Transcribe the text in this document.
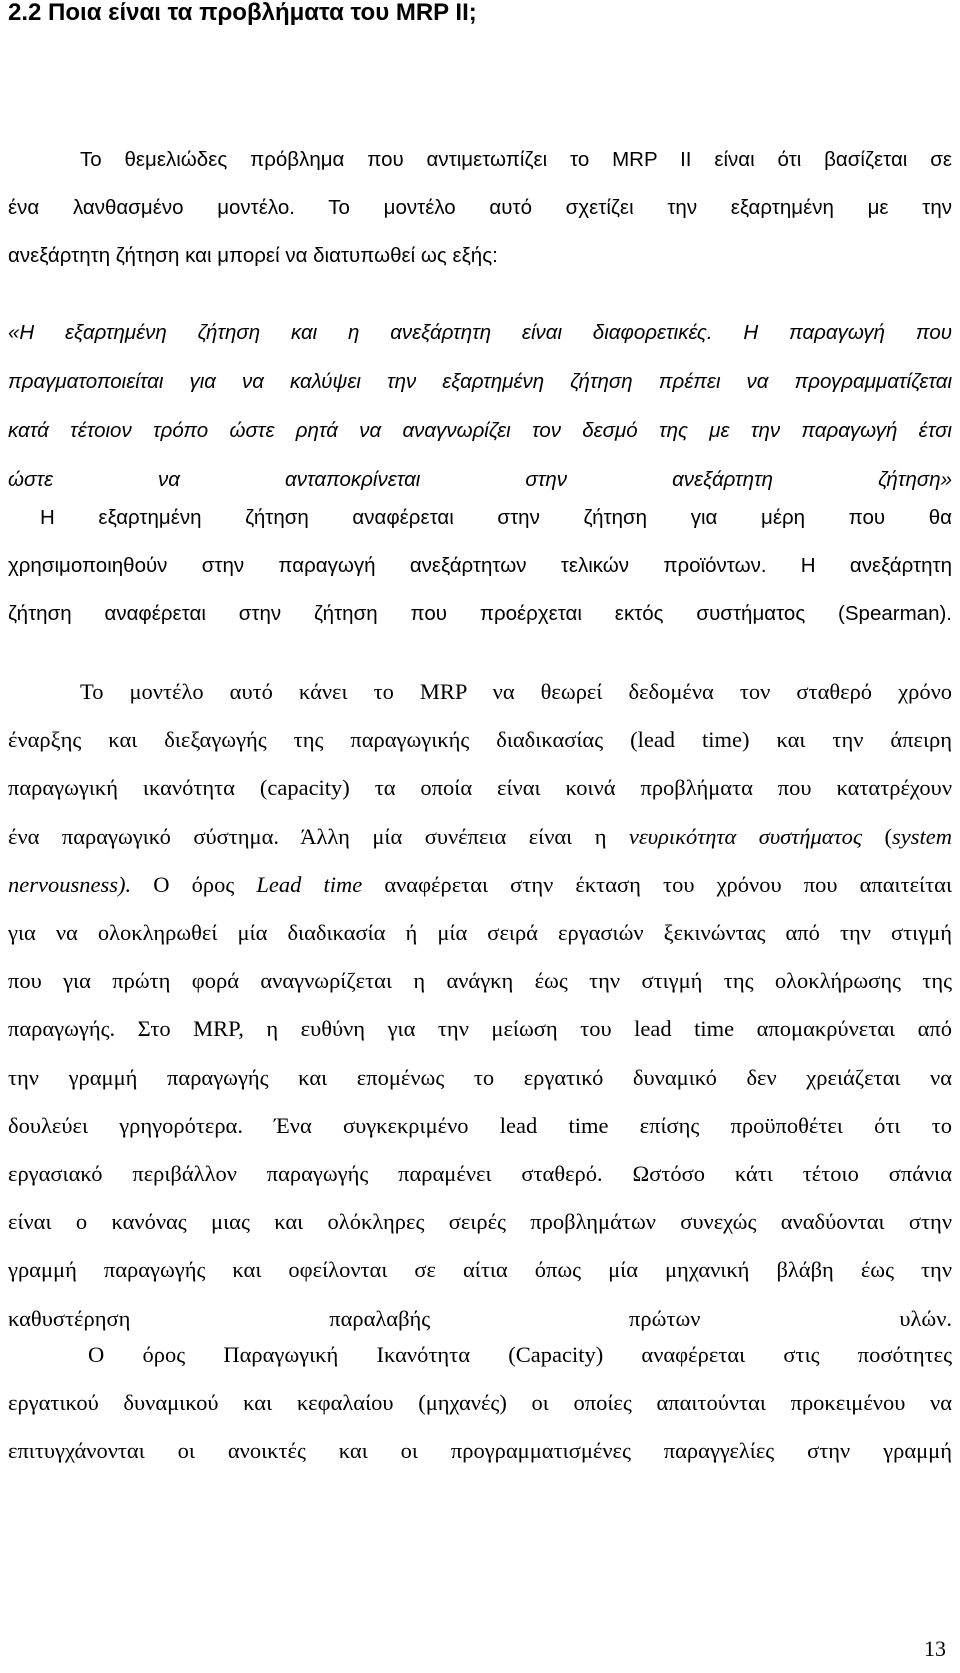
2.2 Ποια είναι τα προβλήματα του MRP II;
Το θεμελιώδες πρόβλημα που αντιμετωπίζει το MRP II είναι ότι βασίζεται σε
ένα λανθασμένο μοντέλο. Το μοντέλο αυτό σχετίζει την εξαρτημένη με την
ανεξάρτητη ζήτηση και μπορεί να διατυπωθεί ως εξής:
«Η εξαρτημένη ζήτηση και η ανεξάρτητη είναι διαφορετικές. Η παραγωγή που
πραγματοποιείται για να καλύψει την εξαρτημένη ζήτηση πρέπει να προγραμματίζεται
κατά τέτοιον τρόπο ώστε ρητά να αναγνωρίζει τον δεσμό της με την παραγωγή έτσι
ώστε να ανταποκρίνεται στην ανεξάρτητη ζήτηση»
Η εξαρτημένη ζήτηση αναφέρεται στην ζήτηση για μέρη που θα
χρησιμοποιηθούν στην παραγωγή ανεξάρτητων τελικών προϊόντων. Η ανεξάρτητη
ζήτηση αναφέρεται στην ζήτηση που προέρχεται εκτός συστήματος (Spearman).
Το μοντέλο αυτό κάνει το MRP να θεωρεί δεδομένα τον σταθερό χρόνο
έναρξης και διεξαγωγής της παραγωγικής διαδικασίας (lead time) και την άπειρη
παραγωγική ικανότητα (capacity) τα οποία είναι κοινά προβλήματα που κατατρέχουν
ένα παραγωγικό σύστημα. Άλλη μία συνέπεια είναι η νευρικότητα συστήματος (system
nervousness). Ο όρος Lead time αναφέρεται στην έκταση του χρόνου που απαιτείται
για να ολοκληρωθεί μία διαδικασία ή μία σειρά εργασιών ξεκινώντας από την στιγμή
που για πρώτη φορά αναγνωρίζεται η ανάγκη έως την στιγμή της ολοκλήρωσης της
παραγωγής. Στο MRP, η ευθύνη για την μείωση του lead time απομακρύνεται από
την γραμμή παραγωγής και επομένως το εργατικό δυναμικό δεν χρειάζεται να
δουλεύει γρηγορότερα. Ένα συγκεκριμένο lead time επίσης προϋποθέτει ότι το
εργασιακό περιβάλλον παραγωγής παραμένει σταθερό. Ωστόσο κάτι τέτοιο σπάνια
είναι ο κανόνας μιας και ολόκληρες σειρές προβλημάτων συνεχώς αναδύονται στην
γραμμή παραγωγής και οφείλονται σε αίτια όπως μία μηχανική βλάβη έως την
καθυστέρηση παραλαβής πρώτων υλών.
Ο όρος Παραγωγική Ικανότητα (Capacity) αναφέρεται στις ποσότητες
εργατικού δυναμικού και κεφαλαίου (μηχανές) οι οποίες απαιτούνται προκειμένου να
επιτυγχάνονται οι ανοικτές και οι προγραμματισμένες παραγγελίες στην γραμμή
13
